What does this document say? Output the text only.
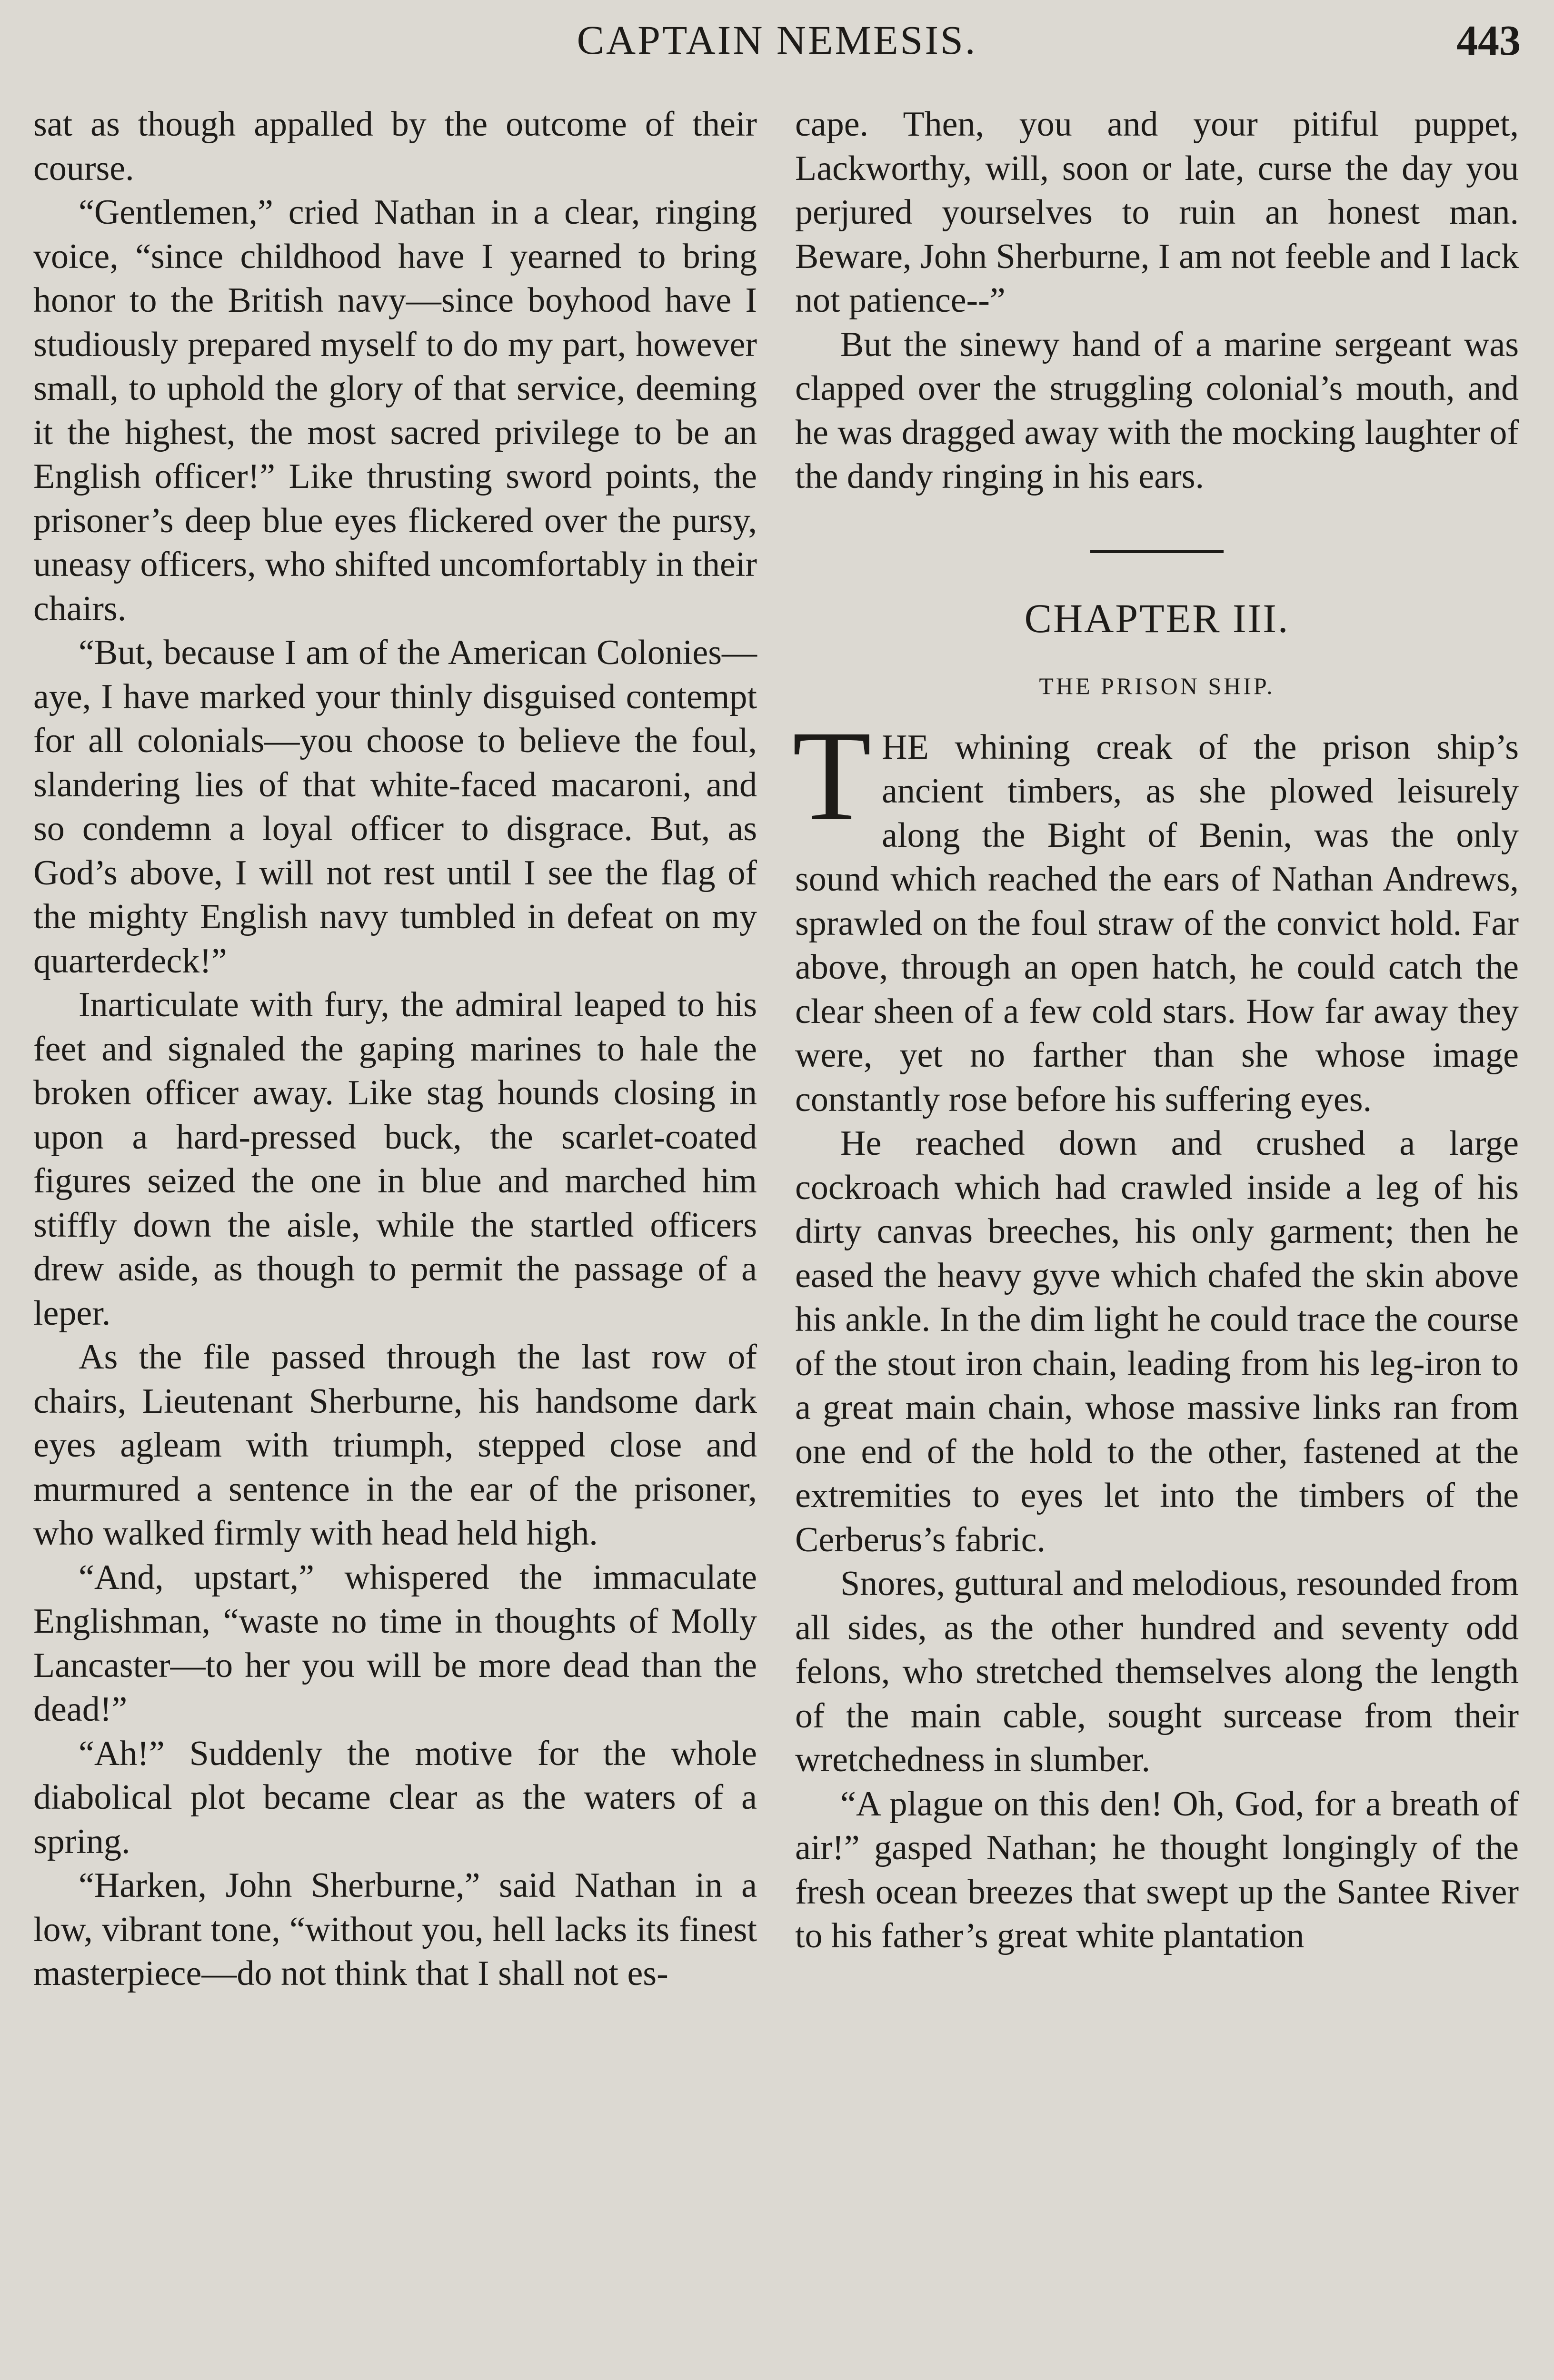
CAPTAIN NEMESIS.	443

sat as though appalled by the outcome of their course.

“Gentlemen,” cried Nathan in a clear, ringing voice, “since childhood have I yearned to bring honor to the British navy—since boyhood have I studiously prepared myself to do my part, however small, to uphold the glory of that service, deeming it the highest, the most sacred privilege to be an English officer!” Like thrusting sword points, the prisoner’s deep blue eyes flickered over the pursy, uneasy officers, who shifted uncomfortably in their chairs.

“But, because I am of the American Colonies—aye, I have marked your thinly disguised contempt for all colonials—you choose to believe the foul, slandering lies of that white-faced macaroni, and so condemn a loyal officer to disgrace. But, as God’s above, I will not rest until I see the flag of the mighty English navy tumbled in defeat on my quarterdeck!”

Inarticulate with fury, the admiral leaped to his feet and signaled the gaping marines to hale the broken officer away. Like stag hounds closing in upon a hard-pressed buck, the scarlet-coated figures seized the one in blue and marched him stiffly down the aisle, while the startled officers drew aside, as though to permit the passage of a leper.

As the file passed through the last row of chairs, Lieutenant Sherburne, his handsome dark eyes agleam with triumph, stepped close and murmured a sentence in the ear of the prisoner, who walked firmly with head held high.

“And, upstart,” whispered the immaculate Englishman, “waste no time in thoughts of Molly Lancaster—to her you will be more dead than the dead!”

“Ah!” Suddenly the motive for the whole diabolical plot became clear as the waters of a spring.

“Harken, John Sherburne,” said Nathan in a low, vibrant tone, “without you, hell lacks its finest masterpiece—do not think that I shall not es-

cape. Then, you and your pitiful puppet, Lackworthy, will, soon or late, curse the day you perjured yourselves to ruin an honest man. Beware, John Sherburne, I am not feeble and I lack not patience--”

But the sinewy hand of a marine sergeant was clapped over the struggling colonial’s mouth, and he was dragged away with the mocking laughter of the dandy ringing in his ears.

CHAPTER III.
THE PRISON SHIP.

THE whining creak of the prison ship’s ancient timbers, as she plowed leisurely along the Bight of Benin, was the only sound which reached the ears of Nathan Andrews, sprawled on the foul straw of the convict hold. Far above, through an open hatch, he could catch the clear sheen of a few cold stars. How far away they were, yet no farther than she whose image constantly rose before his suffering eyes.

He reached down and crushed a large cockroach which had crawled inside a leg of his dirty canvas breeches, his only garment; then he eased the heavy gyve which chafed the skin above his ankle. In the dim light he could trace the course of the stout iron chain, leading from his leg-iron to a great main chain, whose massive links ran from one end of the hold to the other, fastened at the extremities to eyes let into the timbers of the Cerberus’s fabric.

Snores, guttural and melodious, resounded from all sides, as the other hundred and seventy odd felons, who stretched themselves along the length of the main cable, sought surcease from their wretchedness in slumber.

“A plague on this den! Oh, God, for a breath of air!” gasped Nathan; he thought longingly of the fresh ocean breezes that swept up the Santee River to his father’s great white plantation
